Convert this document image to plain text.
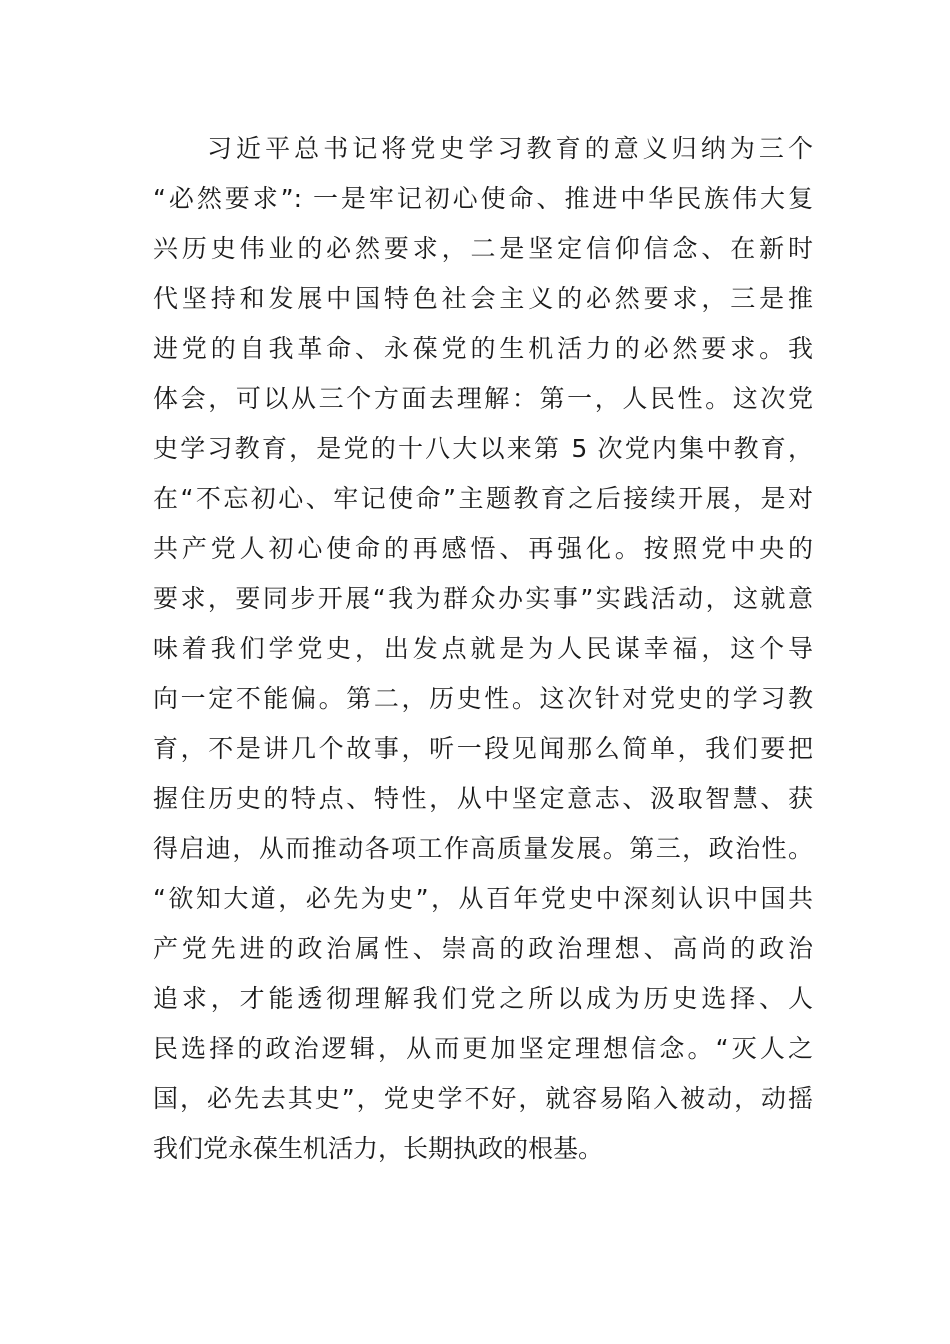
习近平总书记将党史学习教育的意义归纳为三个
“必然要求”: 一是牢记初心使命、推进中华民族伟大复
兴历史伟业的必然要求，二是坚定信仰信念、在新时
代坚持和发展中国特色社会主义的必然要求，三是推
进党的自我革命、永葆党的生机活力的必然要求。我
体会，可以从三个方面去理解：第一，人民性。这次党
史学习教育，是党的十八大以来第 5 次党内集中教育，
在“不忘初心、牢记使命”主题教育之后接续开展，是对
共产党人初心使命的再感悟、再强化。按照党中央的
要求，要同步开展“我为群众办实事”实践活动，这就意
味着我们学党史，出发点就是为人民谋幸福，这个导
向一定不能偏。第二，历史性。这次针对党史的学习教
育，不是讲几个故事，听一段见闻那么简单，我们要把
握住历史的特点、特性，从中坚定意志、汲取智慧、获
得启迪，从而推动各项工作高质量发展。第三，政治性。
“欲知大道，必先为史”，从百年党史中深刻认识中国共
产党先进的政治属性、崇高的政治理想、高尚的政治
追求，才能透彻理解我们党之所以成为历史选择、人
民选择的政治逻辑，从而更加坚定理想信念。“灭人之
国，必先去其史”，党史学不好，就容易陷入被动，动摇
我们党永葆生机活力，长期执政的根基。
